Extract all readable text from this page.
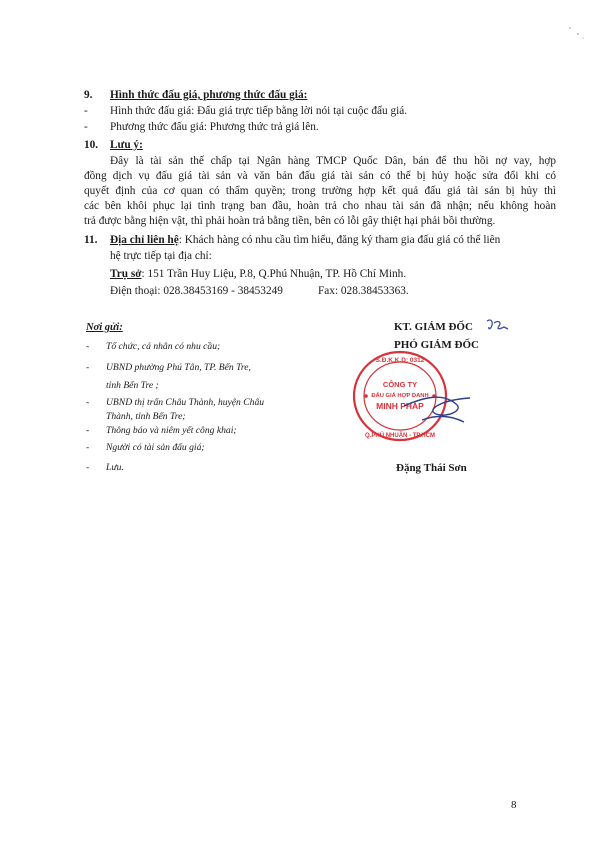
9. Hình thức đấu giá, phương thức đấu giá:
- Hình thức đấu giá: Đấu giá trực tiếp bằng lời nói tại cuộc đấu giá.
- Phương thức đấu giá: Phương thức trả giá lên.
10. Lưu ý:
Đây là tài sản thế chấp tại Ngân hàng TMCP Quốc Dân, bán để thu hồi nợ vay, hợp
đồng dịch vụ đấu giá tài sản và văn bản đấu giá tài sản có thể bị hủy hoặc sửa đổi khi có
quyết định của cơ quan có thẩm quyền; trong trường hợp kết quả đấu giá tài sản bị hủy thì
các bên khôi phục lại tình trạng ban đầu, hoàn trả cho nhau tài sản đã nhận; nếu không hoàn
trả được bằng hiện vật, thì phải hoàn trả bằng tiền, bên có lỗi gây thiệt hại phải bồi thường.
11. Địa chỉ liên hệ: Khách hàng có nhu cầu tìm hiểu, đăng ký tham gia đấu giá có thể liên
hệ trực tiếp tại địa chỉ:
Trụ sở: 151 Trần Huy Liệu, P.8, Q.Phú Nhuận, TP. Hồ Chí Minh.
Điện thoại: 028.38453169 - 38453249	Fax: 028.38453363.
Nơi gửi:
- Tổ chức, cá nhân có nhu cầu;
- UBND phường Phú Tân, TP. Bến Tre,
tỉnh Bến Tre ;
- UBND thị trấn Châu Thành, huyện Châu
Thành, tỉnh Bến Tre;
- Thông báo và niêm yết công khai;
- Người có tài sản đấu giá;
- Lưu.
KT. GIÁM ĐỐC
PHÓ GIÁM ĐỐC
S.Đ.K.K.D: 0312
Q.PHÚ NHUẬN - TP.HCM
CÔNG TY
ĐẤU GIÁ HỢP DANH
MINH PHÁP
Đặng Thái Sơn
8
